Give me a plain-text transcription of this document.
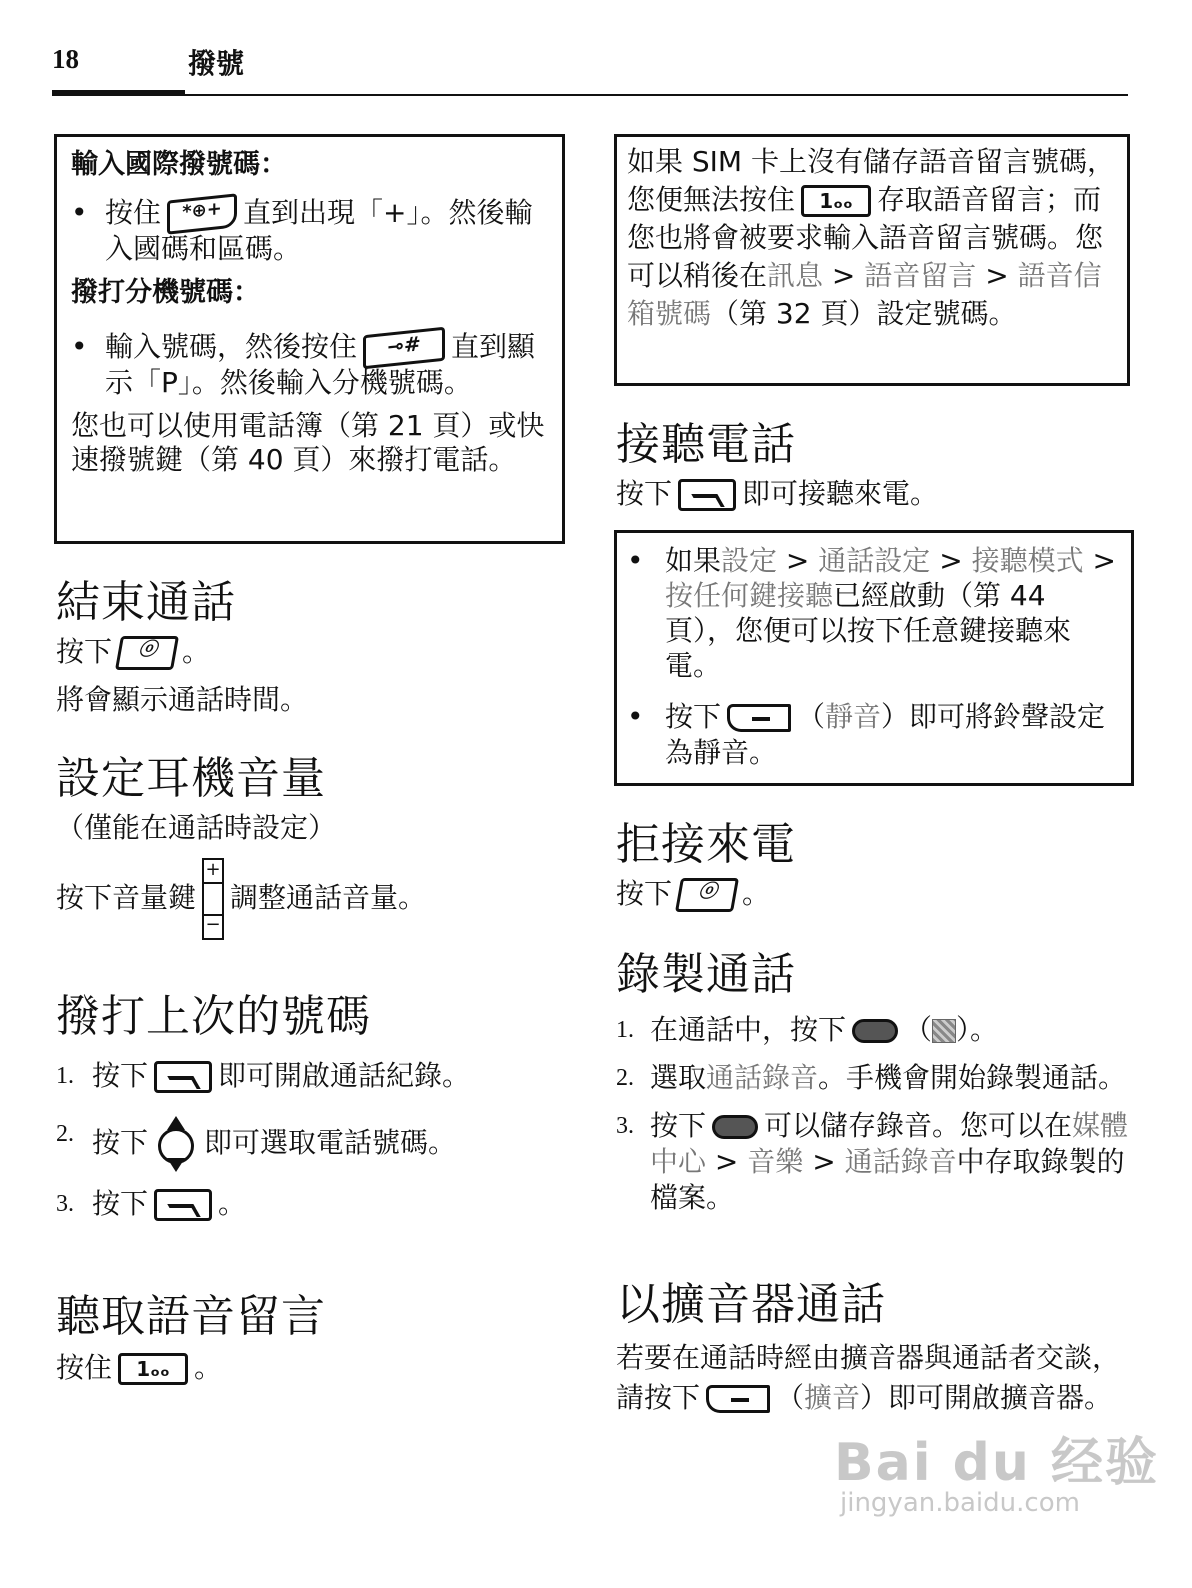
18	撥號

輸入國際撥號碼：

• 按住 *⊕+ 直到出現「+」。然後輸入國碼和區碼。

撥打分機號碼：

• 輸入號碼，然後按住 ⊸# 直到顯示「P」。然後輸入分機號碼。

您也可以使用電話簿（第 21 頁）或快速撥號鍵（第 40 頁）來撥打電話。

結束通話

按下	ⓞ 。

將會顯示通話時間。

設定耳機音量

（僅能在通話時設定）

按下音量鍵
+
−
調整通話音量。

撥打上次的號碼

1. 按下	即可開啟通話紀錄。

2. 按下 即可選取電話號碼。

3. 按下	。

聽取語音留言

按住 1ₒₒ 。

如果 SIM 卡上沒有儲存語音留言號碼，您便無法按住 1ₒₒ 存取語音留言；而您也將會被要求輸入語音留言號碼。您可以稍後在訊息 > 語音留言 > 語音信箱號碼（第 32 頁）設定號碼。

接聽電話

按下	即可接聽來電。

• 如果設定 > 通話設定 > 接聽模式 > 按任何鍵接聽已經啟動（第 44 頁），您便可以按下任意鍵接聽來電。

• 按下	（靜音）即可將鈴聲設定為靜音。

拒接來電

按下	ⓞ 。

錄製通話

1. 在通話中，按下 （ ）。

2. 選取通話錄音。手機會開始錄製通話。

3. 按下 可以儲存錄音。您可以在媒體中心 > 音樂 > 通話錄音中存取錄製的檔案。

以擴音器通話

若要在通話時經由擴音器與通話者交談，請按下	（擴音）即可開啟擴音器。

Bai du 经验
jingyan.baidu.com
